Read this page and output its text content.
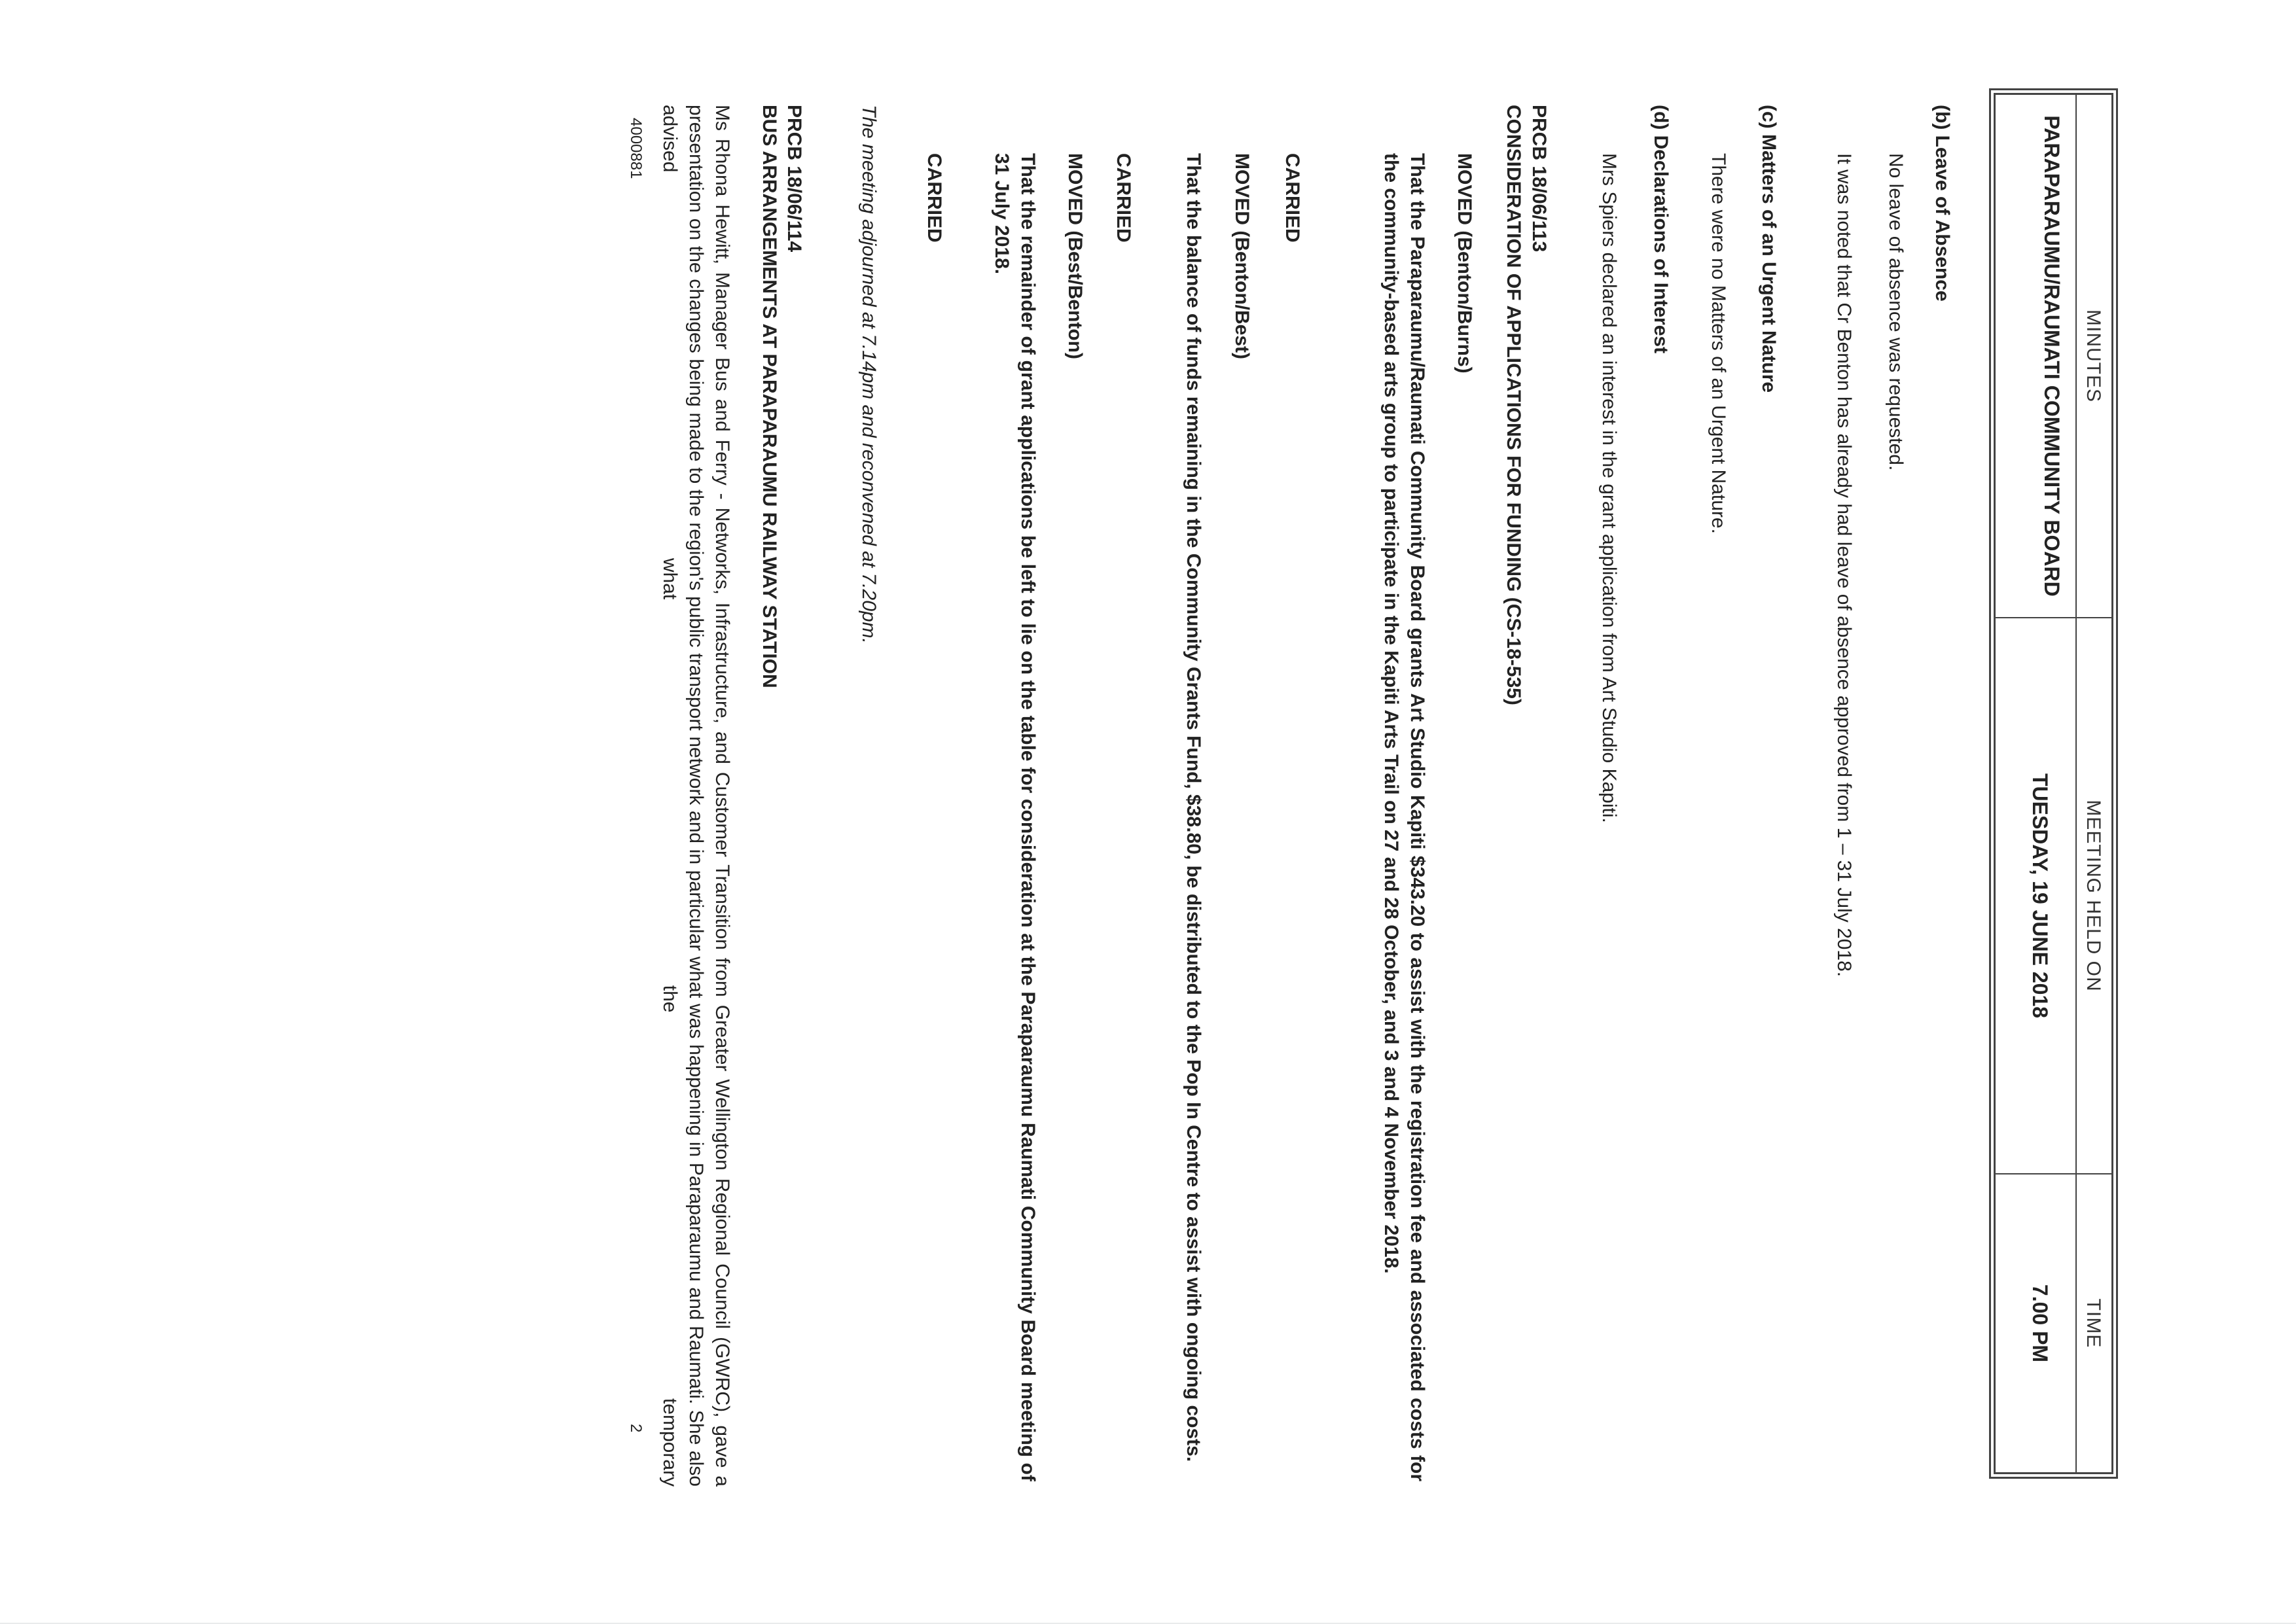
MINUTES
MEETING HELD ON
TIME
PARAPARAUMU/RAUMATI COMMUNITY BOARD
TUESDAY, 19 JUNE 2018
7.00 PM
(b) Leave of Absence
No leave of absence was requested.
It was noted that Cr Benton has already had leave of absence approved from 1 – 31 July 2018.
(c) Matters of an Urgent Nature
There were no Matters of an Urgent Nature.
(d) Declarations of Interest
Mrs Spiers declared an interest in the grant application from Art Studio Kapiti.
PRCB 18/06/113
CONSIDERATION OF APPLICATIONS FOR FUNDING (CS-18-535)
MOVED (Benton/Burns)
That the Paraparaumu/Raumati Community Board grants Art Studio Kapiti $343.20 to assist with the registration fee and associated costs for the community-based arts group to participate in the Kapiti Arts Trail on 27 and 28 October, and 3 and 4 November 2018.
CARRIED
MOVED (Benton/Best)
That the balance of funds remaining in the Community Grants Fund, $38.80, be distributed to the Pop In Centre to assist with ongoing costs.
CARRIED
MOVED (Best/Benton)
That the remainder of grant applications be left to lie on the table for consideration at the Paraparaumu Raumati Community Board meeting of 31 July 2018.
CARRIED
The meeting adjourned at 7.14pm and reconvened at 7.20pm.
PRCB 18/06/114
BUS ARRANGEMENTS AT PARAPARAUMU RAILWAY STATION
Ms Rhona Hewitt, Manager Bus and Ferry - Networks, Infrastructure, and Customer Transition from Greater Wellington Regional Council (GWRC), gave a presentation on the changes being made to the region's public transport network and in particular what was happening in Paraparaumu and Raumati. She also advised what the temporary
4000881
2
